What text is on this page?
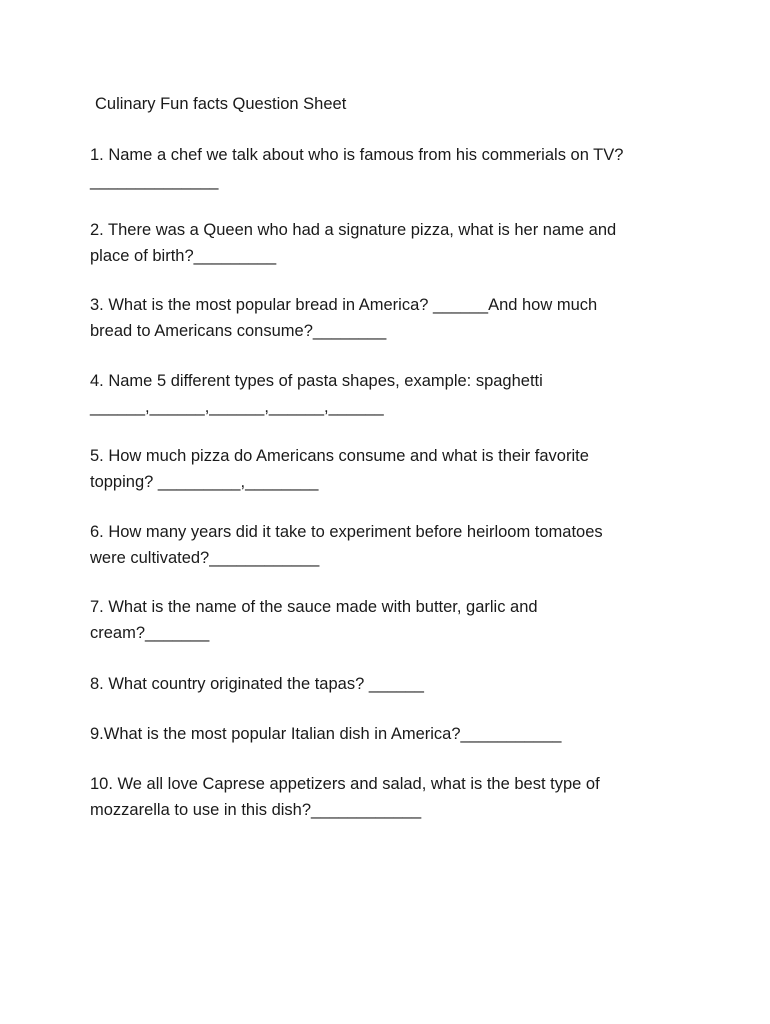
Culinary Fun facts Question Sheet
1. Name a chef we talk about who is famous from his commerials on TV?
______________
2. There was a Queen who had a signature pizza, what is her name and
place of birth?_________
3. What is the most popular bread in America? ______And how much
bread to Americans consume?________
4. Name 5 different types of pasta shapes, example: spaghetti
______,______,______,______,______
5. How much pizza do Americans consume and what is their favorite
topping? _________,________
6. How many years did it take to experiment before heirloom tomatoes
were cultivated?____________
7. What is the name of the sauce made with butter, garlic and
cream?_______
8. What country originated the tapas? ______
9.What is the most popular Italian dish in America?___________
10. We all love Caprese appetizers and salad, what is the best type of
mozzarella to use in this dish?____________
